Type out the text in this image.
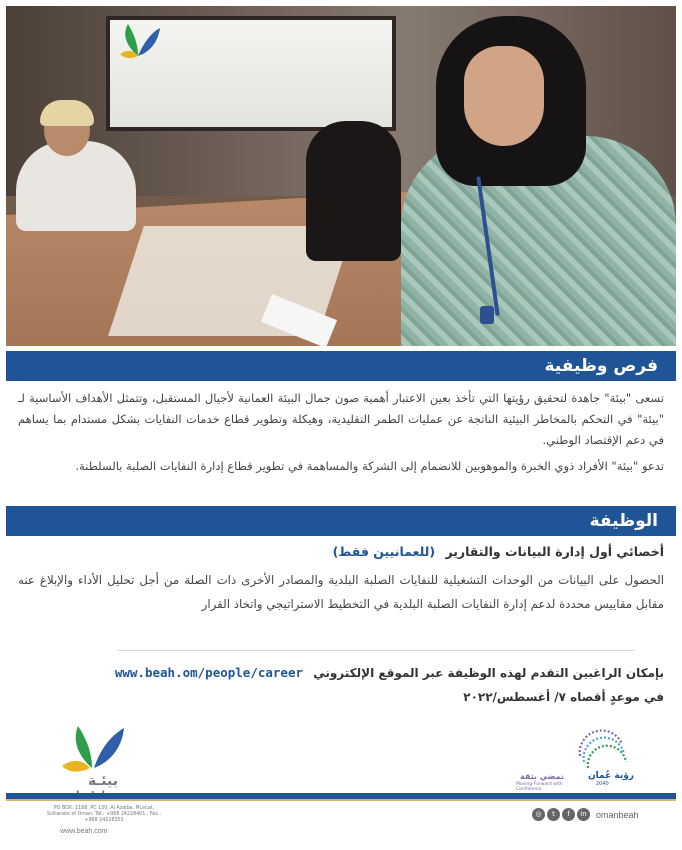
فرص وظيفية
تسعى "بيئة" جاهدة لتحقيق رؤيتها التي تأخذ بعين الاعتبار أهمية صون جمال البيئة العمانية لأجيال المستقبل، وتتمثل الأهداف الأساسية لـ "بيئة" في التحكم بالمخاطر البيئية الناتجة عن عمليات الطمر التقليدية، وهيكلة وتطوير قطاع خدمات النفايات بشكل مستدام بما يساهم في دعم الإقتصاد الوطني.
تدعو "بيئة" الأفراد ذوي الخبرة والموهوبين للانضمام إلى الشركة والمساهمة في تطوير قطاع إدارة النفايات الصلبة بالسلطنة.
الوظيفة
أخصائي أول إدارة البيانات والتقارير (للعمانيين فقط)
الحصول على البيانات من الوحدات التشغيلية للنفايات الصلبة البلدية والمصادر الأخرى ذات الصلة من أجل تحليل الأداء والإبلاغ عنه مقابل مقاييس محددة لدعم إدارة النفايات الصلبة البلدية في التخطيط الاستراتيجي واتخاذ القرار
بإمكان الراغبين التقدم لهذه الوظيفة عبر الموقع الإلكتروني www.beah.om/people/career
في موعدٍ أقصاه ٧/ أغسطس/٢٠٢٢
بيئـة
PO BOX: 1188, PC 130, Al Azaiba, Muscat, Sultanate of Oman. Tel.: +968 24228401 , Fax.: +968 24228301
www.beah.com
رؤية عُمان
2040
نمضي بثقة
Moving Forward with Confidence
◎	t	f	in	omanbeah
